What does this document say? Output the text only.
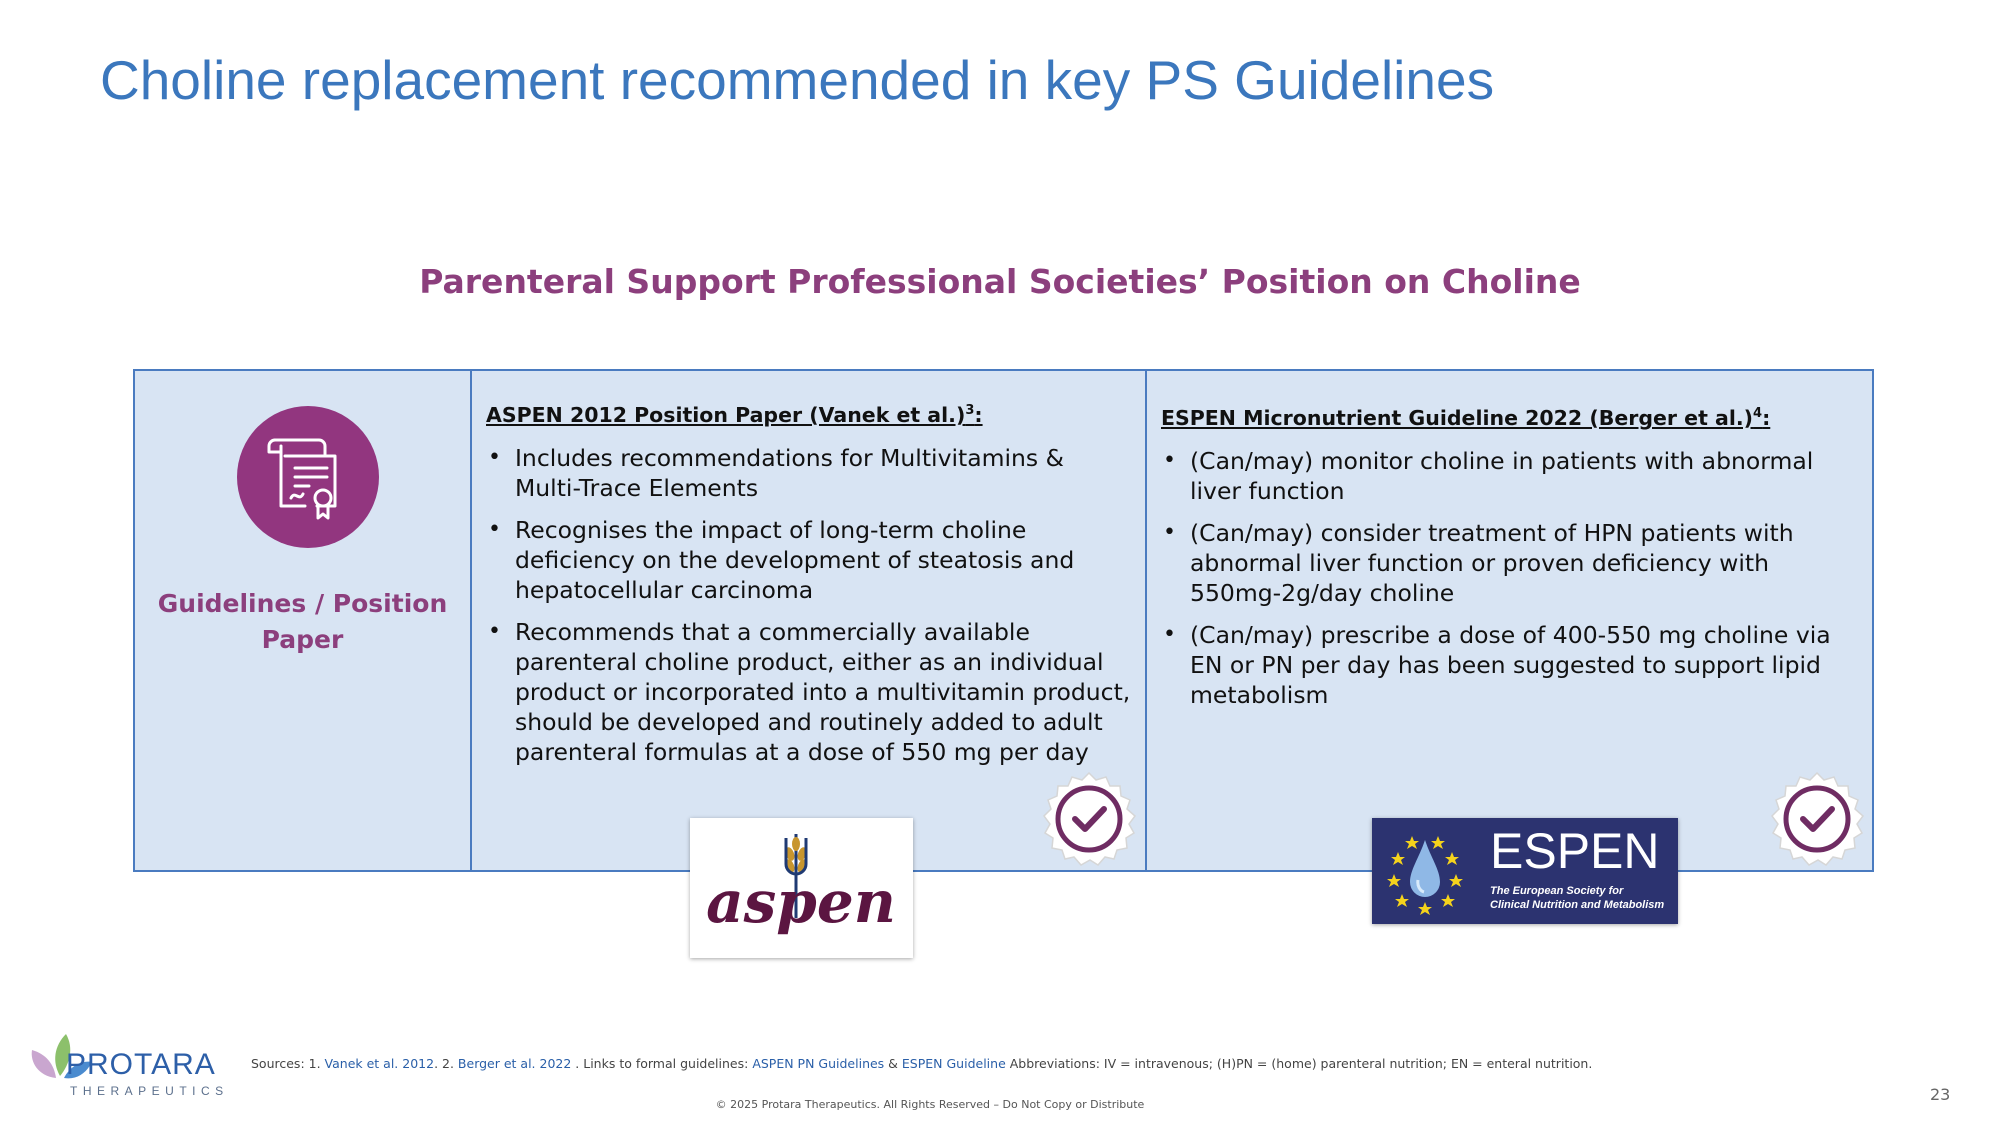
Choline replacement recommended in key PS Guidelines
Parenteral Support Professional Societies’ Position on Choline
Guidelines / Position Paper
ASPEN 2012 Position Paper (Vanek et al.)$^3$:
• Includes recommendations for Multivitamins & Multi-Trace Elements
• Recognises the impact of long-term choline deficiency on the development of steatosis and hepatocellular carcinoma
• Recommends that a commercially available parenteral choline product, either as an individual product or incorporated into a multivitamin product, should be developed and routinely added to adult parenteral formulas at a dose of 550 mg per day
ESPEN Micronutrient Guideline 2022 (Berger et al.)$^4$:
• (Can/may) monitor choline in patients with abnormal liver function
• (Can/may) consider treatment of HPN patients with abnormal liver function or proven deficiency with 550mg-2g/day choline
• (Can/may) prescribe a dose of 400-550 mg choline via EN or PN per day has been suggested to support lipid metabolism
aspen
ESPEN
The European Society for
Clinical Nutrition and Metabolism
PROTARA
THERAPEUTICS
Sources: 1. Vanek et al. 2012. 2. Berger et al. 2022 . Links to formal guidelines: ASPEN PN Guidelines & ESPEN Guideline Abbreviations: IV = intravenous; (H)PN = (home) parenteral nutrition; EN = enteral nutrition.
© 2025 Protara Therapeutics. All Rights Reserved – Do Not Copy or Distribute
23
